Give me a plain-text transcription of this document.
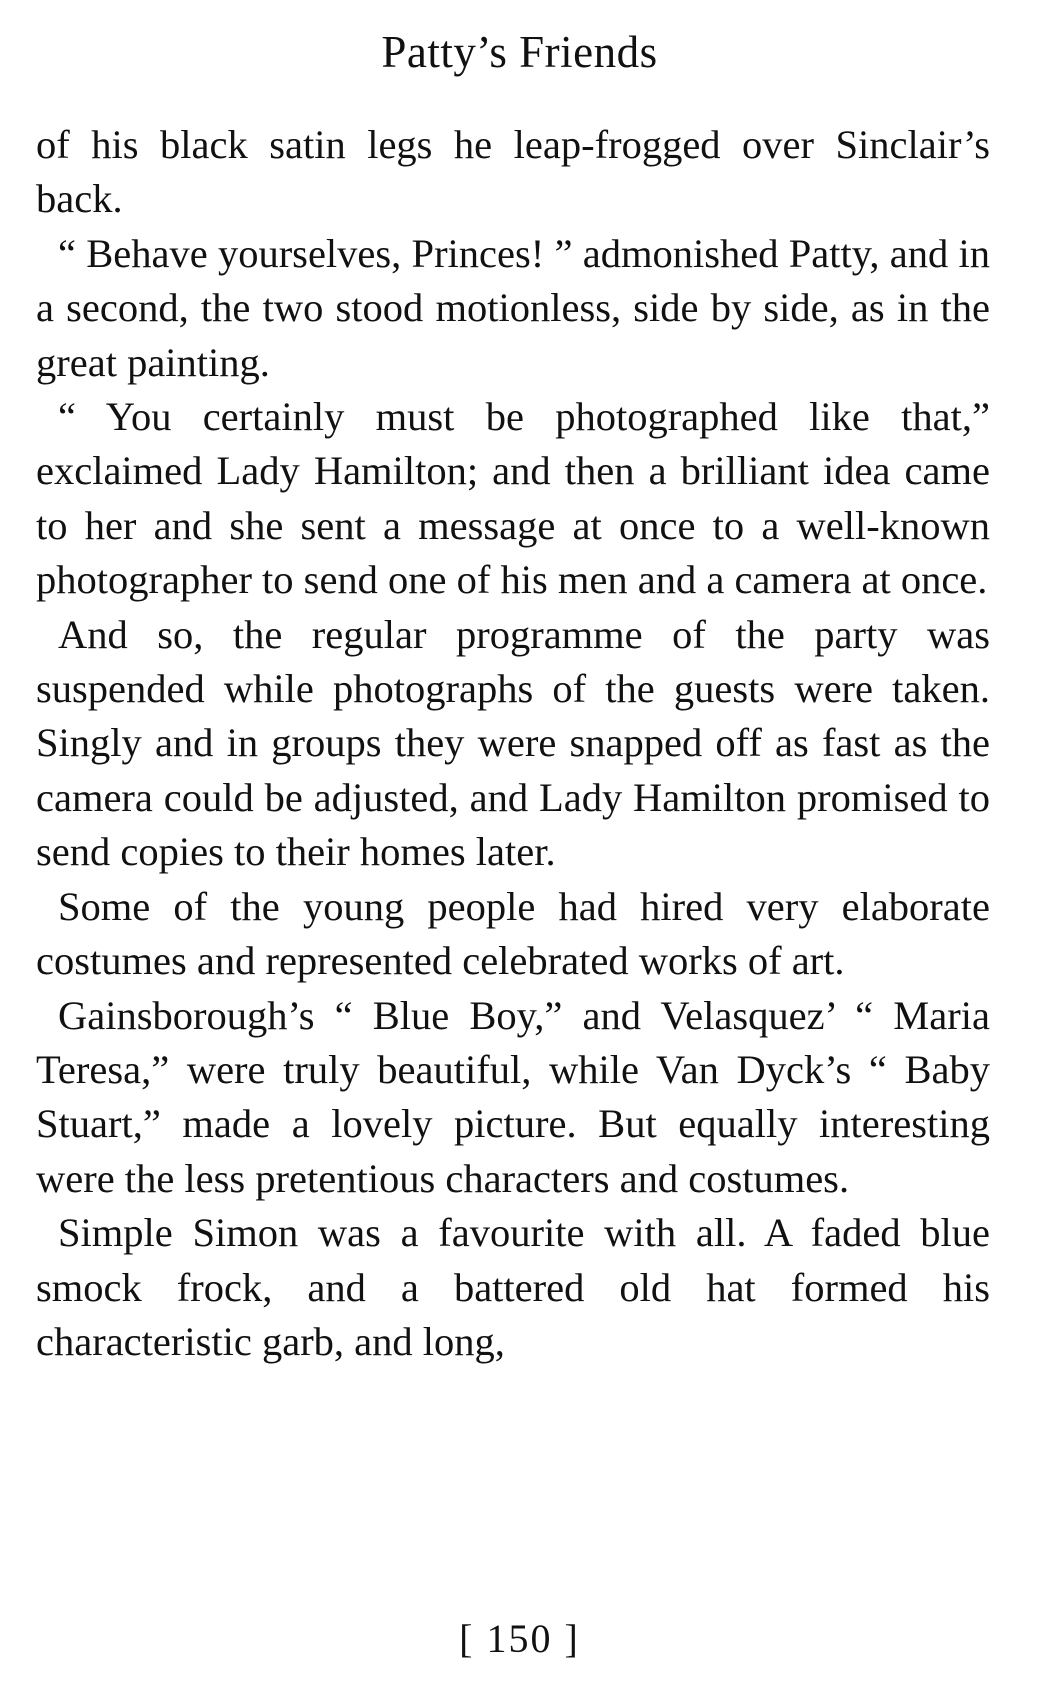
Patty’s Friends

of his black satin legs he leap-frogged over Sinclair’s back.

“ Behave yourselves, Princes! ” admonished Patty, and in a second, the two stood motionless, side by side, as in the great painting.

“ You certainly must be photographed like that,” exclaimed Lady Hamilton; and then a brilliant idea came to her and she sent a message at once to a well-known photographer to send one of his men and a camera at once.

And so, the regular programme of the party was suspended while photographs of the guests were taken. Singly and in groups they were snapped off as fast as the camera could be adjusted, and Lady Hamilton promised to send copies to their homes later.

Some of the young people had hired very elaborate costumes and represented celebrated works of art.

Gainsborough’s “ Blue Boy,” and Velasquez’ “ Maria Teresa,” were truly beautiful, while Van Dyck’s “ Baby Stuart,” made a lovely picture. But equally interesting were the less pretentious characters and costumes.

Simple Simon was a favourite with all. A faded blue smock frock, and a battered old hat formed his characteristic garb, and long,

[ 150 ]
